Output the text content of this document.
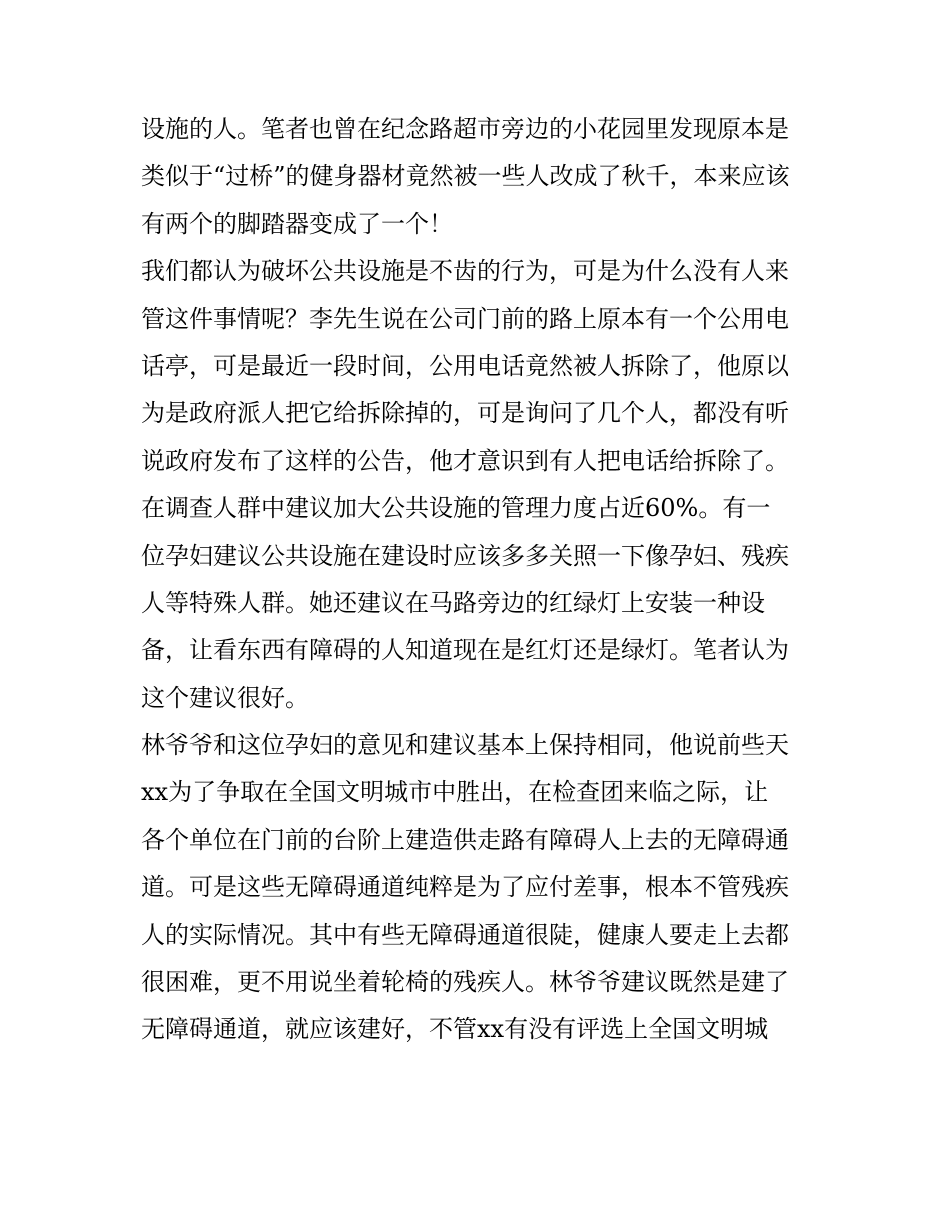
设施的人。笔者也曾在纪念路超市旁边的小花园里发现原本是
类似于“过桥”的健身器材竟然被一些人改成了秋千，本来应该
有两个的脚踏器变成了一个！
我们都认为破坏公共设施是不齿的行为，可是为什么没有人来
管这件事情呢？李先生说在公司门前的路上原本有一个公用电
话亭，可是最近一段时间，公用电话竟然被人拆除了，他原以
为是政府派人把它给拆除掉的，可是询问了几个人，都没有听
说政府发布了这样的公告，他才意识到有人把电话给拆除了。
在调查人群中建议加大公共设施的管理力度占近60%。有一
位孕妇建议公共设施在建设时应该多多关照一下像孕妇、残疾
人等特殊人群。她还建议在马路旁边的红绿灯上安装一种设
备，让看东西有障碍的人知道现在是红灯还是绿灯。笔者认为
这个建议很好。
林爷爷和这位孕妇的意见和建议基本上保持相同，他说前些天
xx为了争取在全国文明城市中胜出，在检查团来临之际，让
各个单位在门前的台阶上建造供走路有障碍人上去的无障碍通
道。可是这些无障碍通道纯粹是为了应付差事，根本不管残疾
人的实际情况。其中有些无障碍通道很陡，健康人要走上去都
很困难，更不用说坐着轮椅的残疾人。林爷爷建议既然是建了
无障碍通道，就应该建好，不管xx有没有评选上全国文明城
